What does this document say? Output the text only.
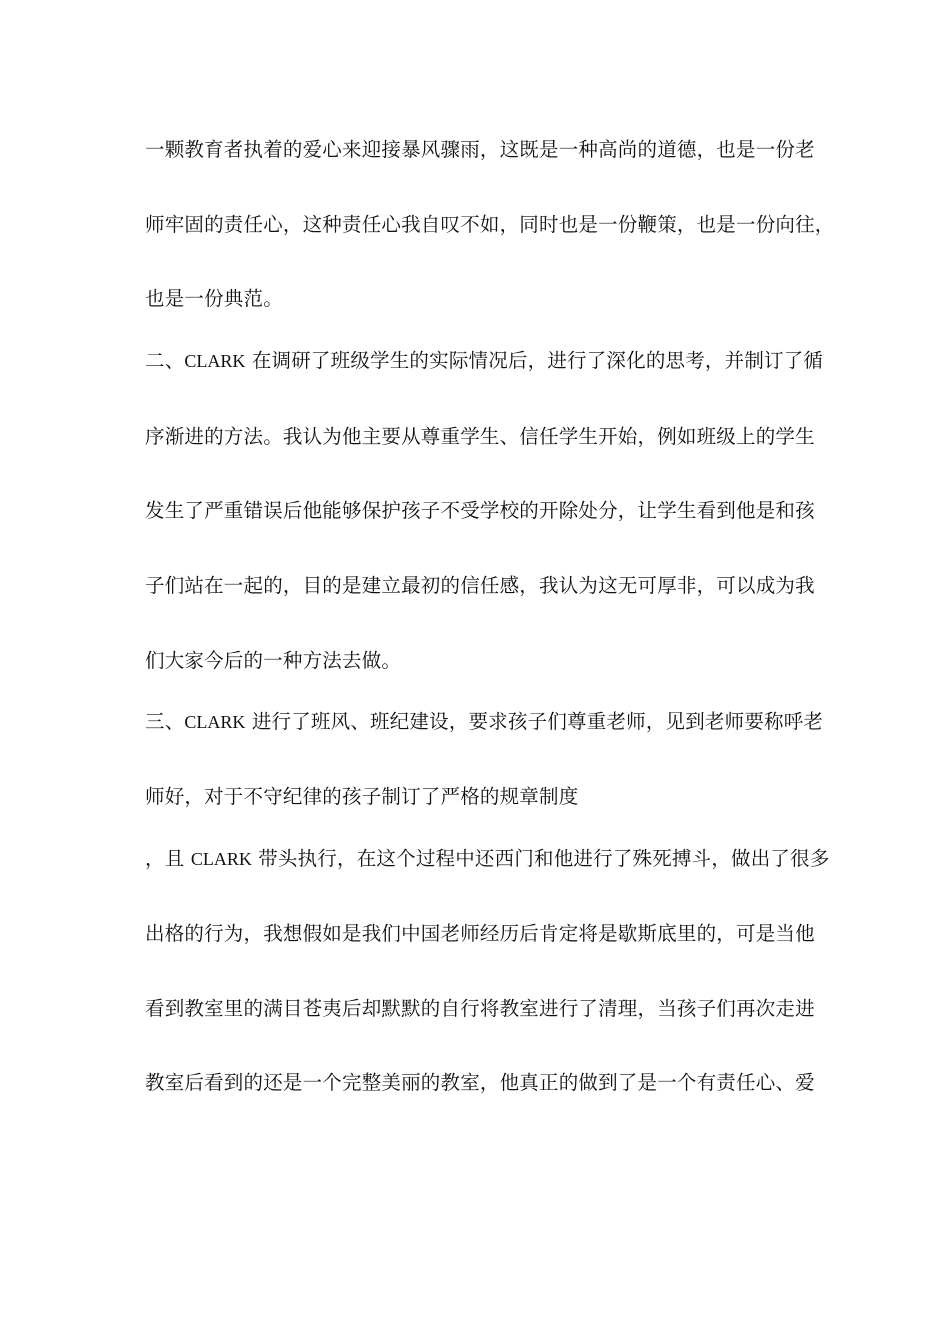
一颗教育者执着的爱心来迎接暴风骤雨，这既是一种高尚的道德，也是一份老
师牢固的责任心，这种责任心我自叹不如，同时也是一份鞭策，也是一份向往，
也是一份典范。
二、CLARK 在调研了班级学生的实际情况后，进行了深化的思考，并制订了循
序渐进的方法。我认为他主要从尊重学生、信任学生开始，例如班级上的学生
发生了严重错误后他能够保护孩子不受学校的开除处分，让学生看到他是和孩
子们站在一起的，目的是建立最初的信任感，我认为这无可厚非，可以成为我
们大家今后的一种方法去做。
三、CLARK 进行了班风、班纪建设，要求孩子们尊重老师，见到老师要称呼老
师好，对于不守纪律的孩子制订了严格的规章制度
，且 CLARK 带头执行，在这个过程中还西门和他进行了殊死搏斗，做出了很多
出格的行为，我想假如是我们中国老师经历后肯定将是歇斯底里的，可是当他
看到教室里的满目苍夷后却默默的自行将教室进行了清理，当孩子们再次走进
教室后看到的还是一个完整美丽的教室，他真正的做到了是一个有责任心、爱
